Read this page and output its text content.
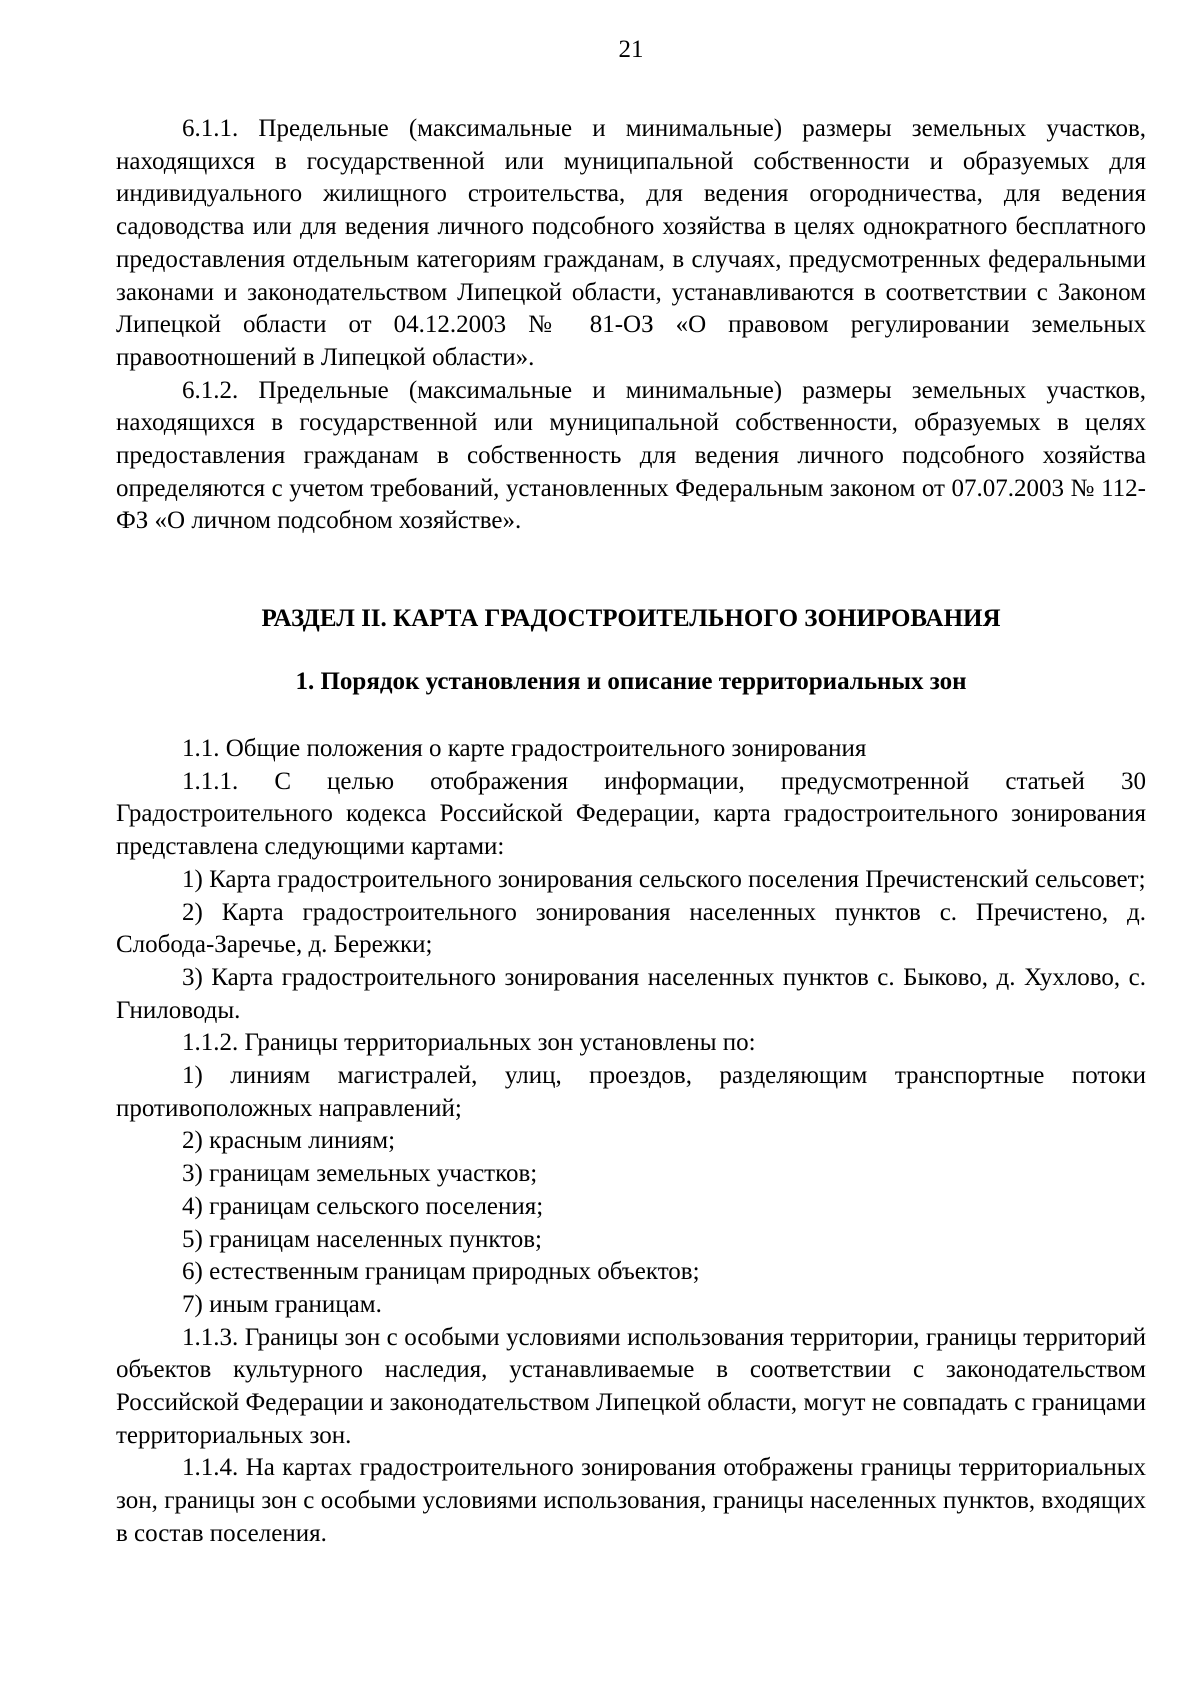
21

6.1.1. Предельные (максимальные и минимальные) размеры земельных участков, находящихся в государственной или муниципальной собственности и образуемых для индивидуального жилищного строительства, для ведения огородничества, для ведения садоводства или для ведения личного подсобного хозяйства в целях однократного бесплатного предоставления отдельным категориям гражданам, в случаях, предусмотренных федеральными законами и законодательством Липецкой области, устанавливаются в соответствии с Законом Липецкой области от 04.12.2003 № 81-ОЗ «О правовом регулировании земельных правоотношений в Липецкой области».

6.1.2. Предельные (максимальные и минимальные) размеры земельных участков, находящихся в государственной или муниципальной собственности, образуемых в целях предоставления гражданам в собственность для ведения личного подсобного хозяйства определяются с учетом требований, установленных Федеральным законом от 07.07.2003 № 112-ФЗ «О личном подсобном хозяйстве».

РАЗДЕЛ II. КАРТА ГРАДОСТРОИТЕЛЬНОГО ЗОНИРОВАНИЯ
1. Порядок установления и описание территориальных зон

1.1. Общие положения о карте градостроительного зонирования

1.1.1. С целью отображения информации, предусмотренной статьей 30 Градостроительного кодекса Российской Федерации, карта градостроительного зонирования представлена следующими картами:

1) Карта градостроительного зонирования сельского поселения Пречистенский сельсовет;

2) Карта градостроительного зонирования населенных пунктов с. Пречистено, д. Слобода-Заречье, д. Бережки;

3) Карта градостроительного зонирования населенных пунктов с. Быково, д. Хухлово, с. Гниловоды.

1.1.2. Границы территориальных зон установлены по:

1) линиям магистралей, улиц, проездов, разделяющим транспортные потоки противоположных направлений;

2) красным линиям;

3) границам земельных участков;

4) границам сельского поселения;

5) границам населенных пунктов;

6) естественным границам природных объектов;

7) иным границам.

1.1.3. Границы зон с особыми условиями использования территории, границы территорий объектов культурного наследия, устанавливаемые в соответствии с законодательством Российской Федерации и законодательством Липецкой области, могут не совпадать с границами территориальных зон.

1.1.4. На картах градостроительного зонирования отображены границы территориальных зон, границы зон с особыми условиями использования, границы населенных пунктов, входящих в состав поселения.
